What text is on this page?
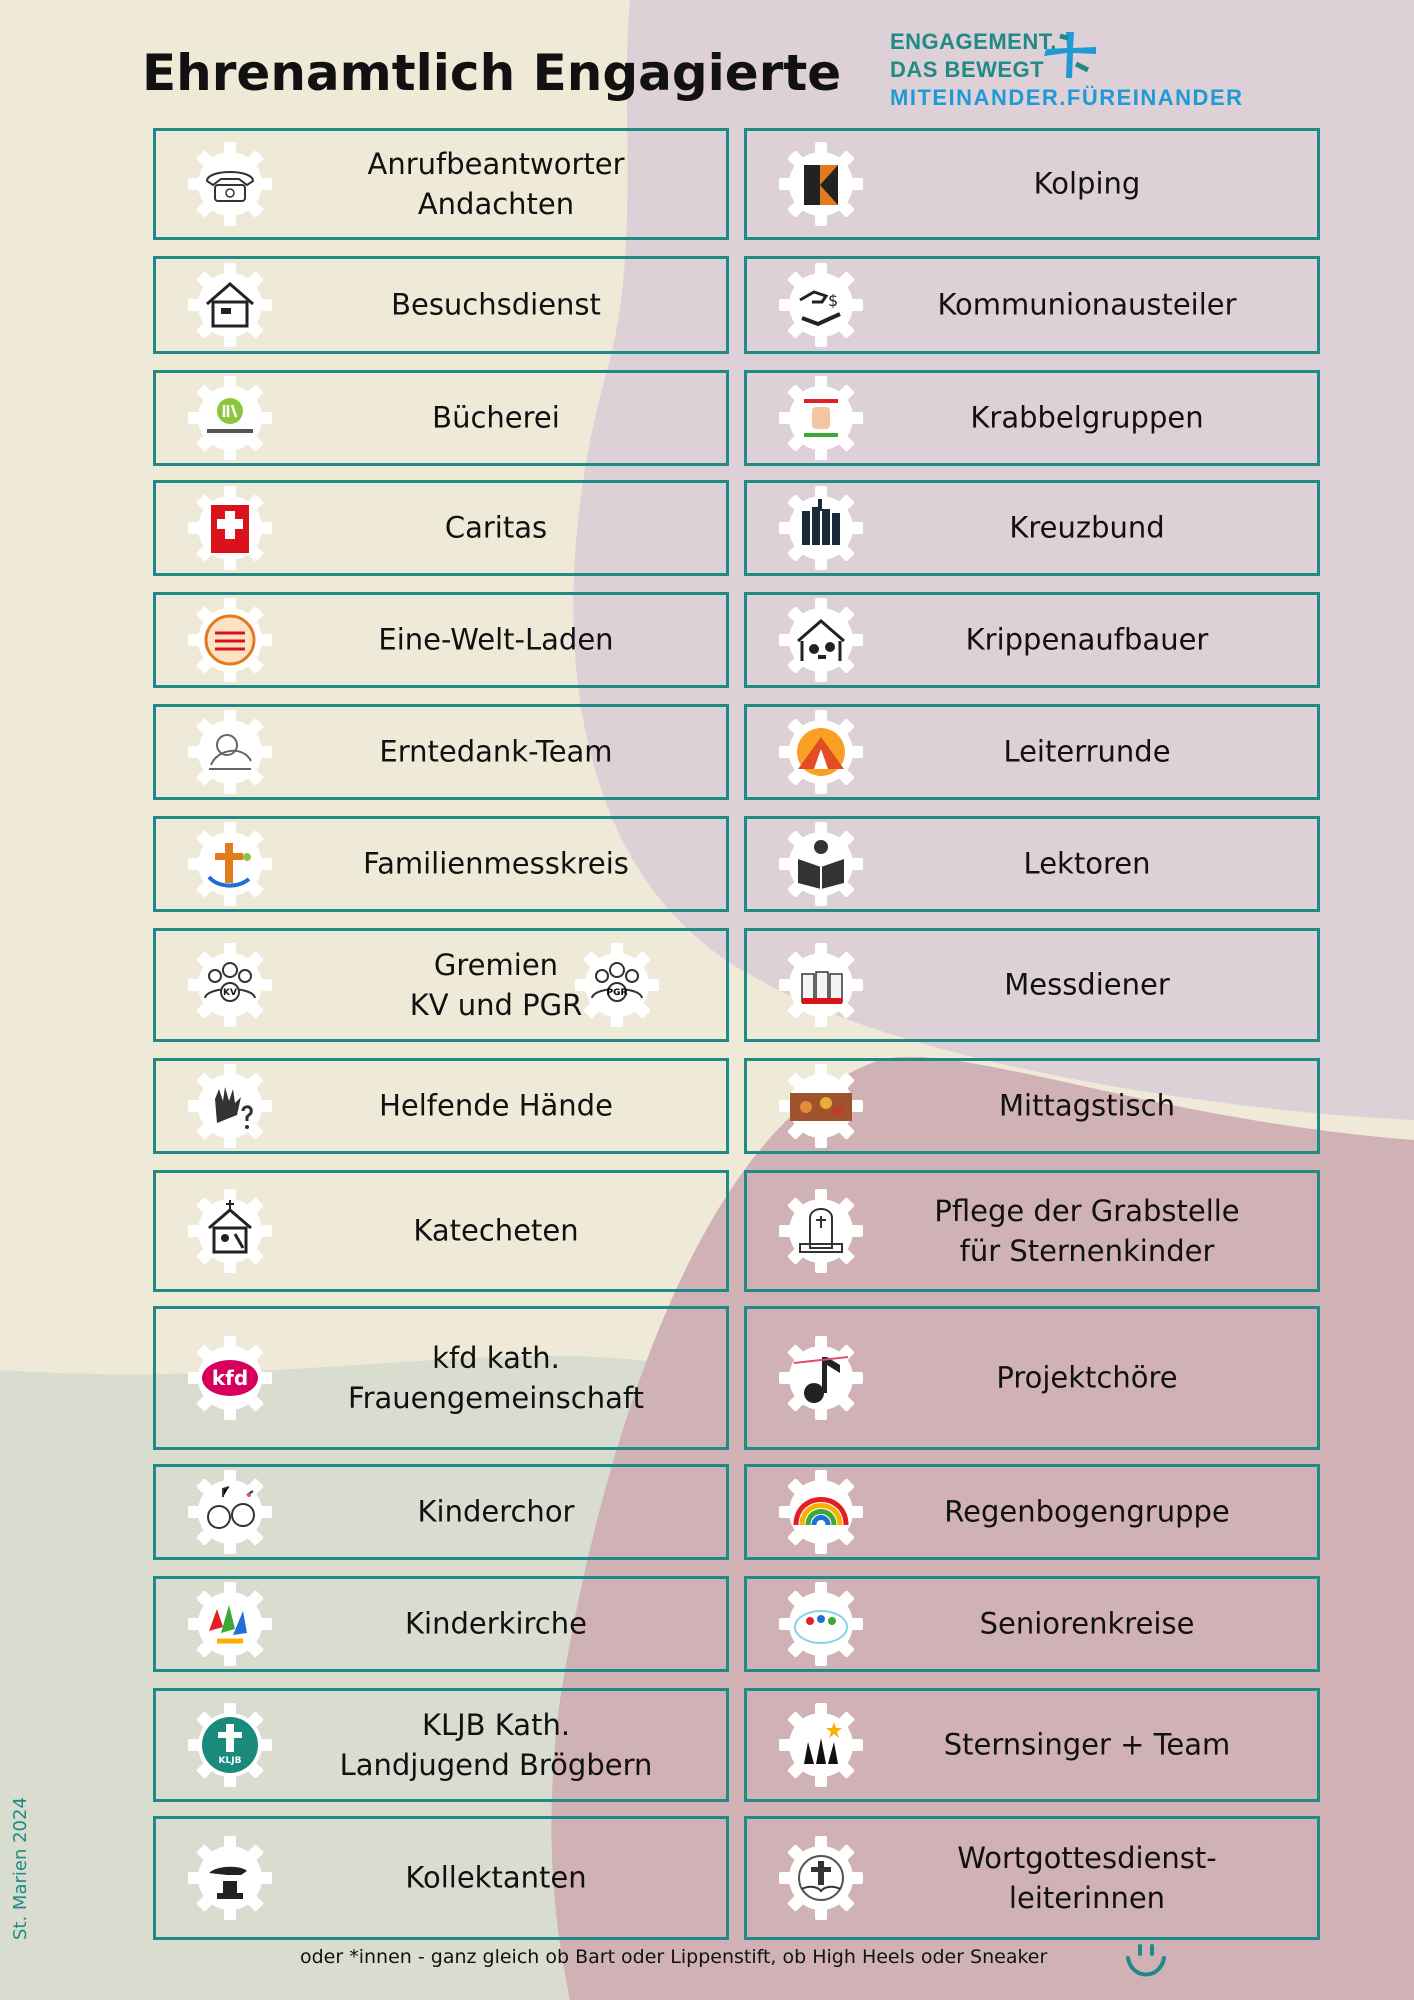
Ehrenamtlich Engagierte
ENGAGEMENT,
DAS BEWEGT
MITEINANDER.FÜREINANDER
Anrufbeantworter
Andachten
Besuchsdienst
Bücherei
Caritas
Eine-Welt-Laden
Erntedank-Team
Familienmesskreis
KV	PGR
Gremien
KV und PGR
Helfende Hände
Katecheten
kfd
kfd kath.
Frauengemeinschaft
Kinderchor
Kinderkirche
KLJB
KLJB Kath.
Landjugend Brögbern
Kollektanten
Kolping
$	Kommunionausteiler
Krabbelgruppen
Kreuzbund
Krippenaufbauer
Leiterrunde
Lektoren
Messdiener
Mittagstisch
Pflege der Grabstelle
für Sternenkinder
Projektchöre
Regenbogengruppe
Seniorenkreise
Sternsinger + Team
Wortgottesdienst-
leiterinnen
St. Marien 2024
oder *innen - ganz gleich ob Bart oder Lippenstift, ob High Heels oder Sneaker
